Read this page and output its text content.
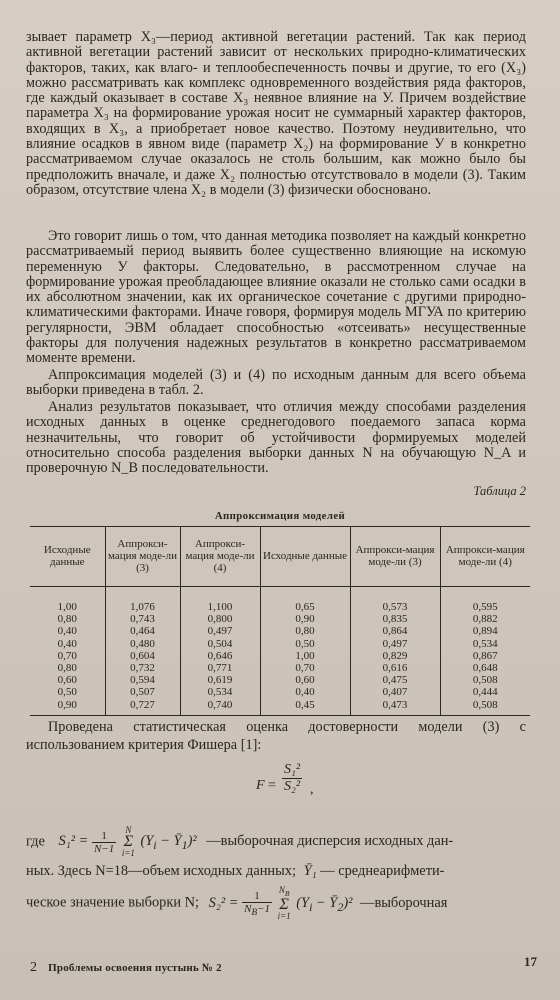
зывает параметр X₃—период активной вегетации растений. Так как период активной вегетации растений зависит от нескольких природно-климатических факторов, таких, как влаго- и теплообеспеченность почвы и другие, то его (X₃) можно рассматривать как комплекс одновременного воздействия ряда факторов, где каждый оказывает в составе X₃ неявное влияние на У. Причем воздействие параметра X₃ на формирование урожая носит не суммарный характер факторов, входящих в X₃, а приобретает новое качество. Поэтому неудивительно, что влияние осадков в явном виде (параметр X₂) на формирование У в конкретно рассматриваемом случае оказалось не столь большим, как можно было бы предположить вначале, и даже X₂ полностью отсутствовало в модели (3). Таким образом, отсутствие члена X₂ в модели (3) физически обосновано.
Это говорит лишь о том, что данная методика позволяет на каждый конкретно рассматриваемый период выявить более существенно влияющие на искомую переменную У факторы. Следовательно, в рассмотренном случае на формирование урожая преобладающее влияние оказали не столько сами осадки в их абсолютном значении, как их органическое сочетание с другими природно-климатическими факторами. Иначе говоря, формируя модель МГУА по критерию регулярности, ЭВМ обладает способностью «отсеивать» несущественные факторы для получения надежных результатов в конкретно рассматриваемом моменте времени.
Аппроксимация моделей (3) и (4) по исходным данным для всего объема выборки приведена в табл. 2.
Анализ результатов показывает, что отличия между способами разделения исходных данных в оценке среднегодового поедаемого запаса корма незначительны, что говорит об устойчивости формируемых моделей относительно способа разделения выборки данных N на обучающую N_A и проверочную N_B последовательности.
Таблица 2
Аппроксимация моделей
Исходные данные	Аппрокси-мация моде-ли (3)	Аппрокси-мация моде-ли (4)	Исходные данные	Аппрокси-мация моде-ли (3)	Аппрокси-мация моде-ли (4)
1,00	1,076	1,100	0,65	0,573	0,595
0,80	0,743	0,800	0,90	0,835	0,882
0,40	0,464	0,497	0,80	0,864	0,894
0,40	0,480	0,504	0,50	0,497	0,534
0,70	0,604	0,646	1,00	0,829	0,867
0,80	0,732	0,771	0,70	0,616	0,648
0,60	0,594	0,619	0,60	0,475	0,508
0,50	0,507	0,534	0,40	0,407	0,444
0,90	0,727	0,740	0,45	0,473	0,508
Проведена статистическая оценка достоверности модели (3) с использованием критерия Фишера [1]:
$F = \frac{\text{S₁²}}{\text{S₂²}}$ ,
где $S_1^2 = \frac{1}{N-1}$ N
Σ
i=1 ($Y_i$ − $Ȳ_1)^2$ —выборочная дисперсия исходных дан-
ных. Здесь N=18—объем исходных данных; Ȳ₁ — среднеарифмети-
ческое значение выборки N; $S_2^2 = \frac{1}{N_B-1} N_B$
Σ
i=1 ($Y_i$ − $Ȳ_2)^2$ —выборочная
2 Проблемы освоения пустынь № 2	17
